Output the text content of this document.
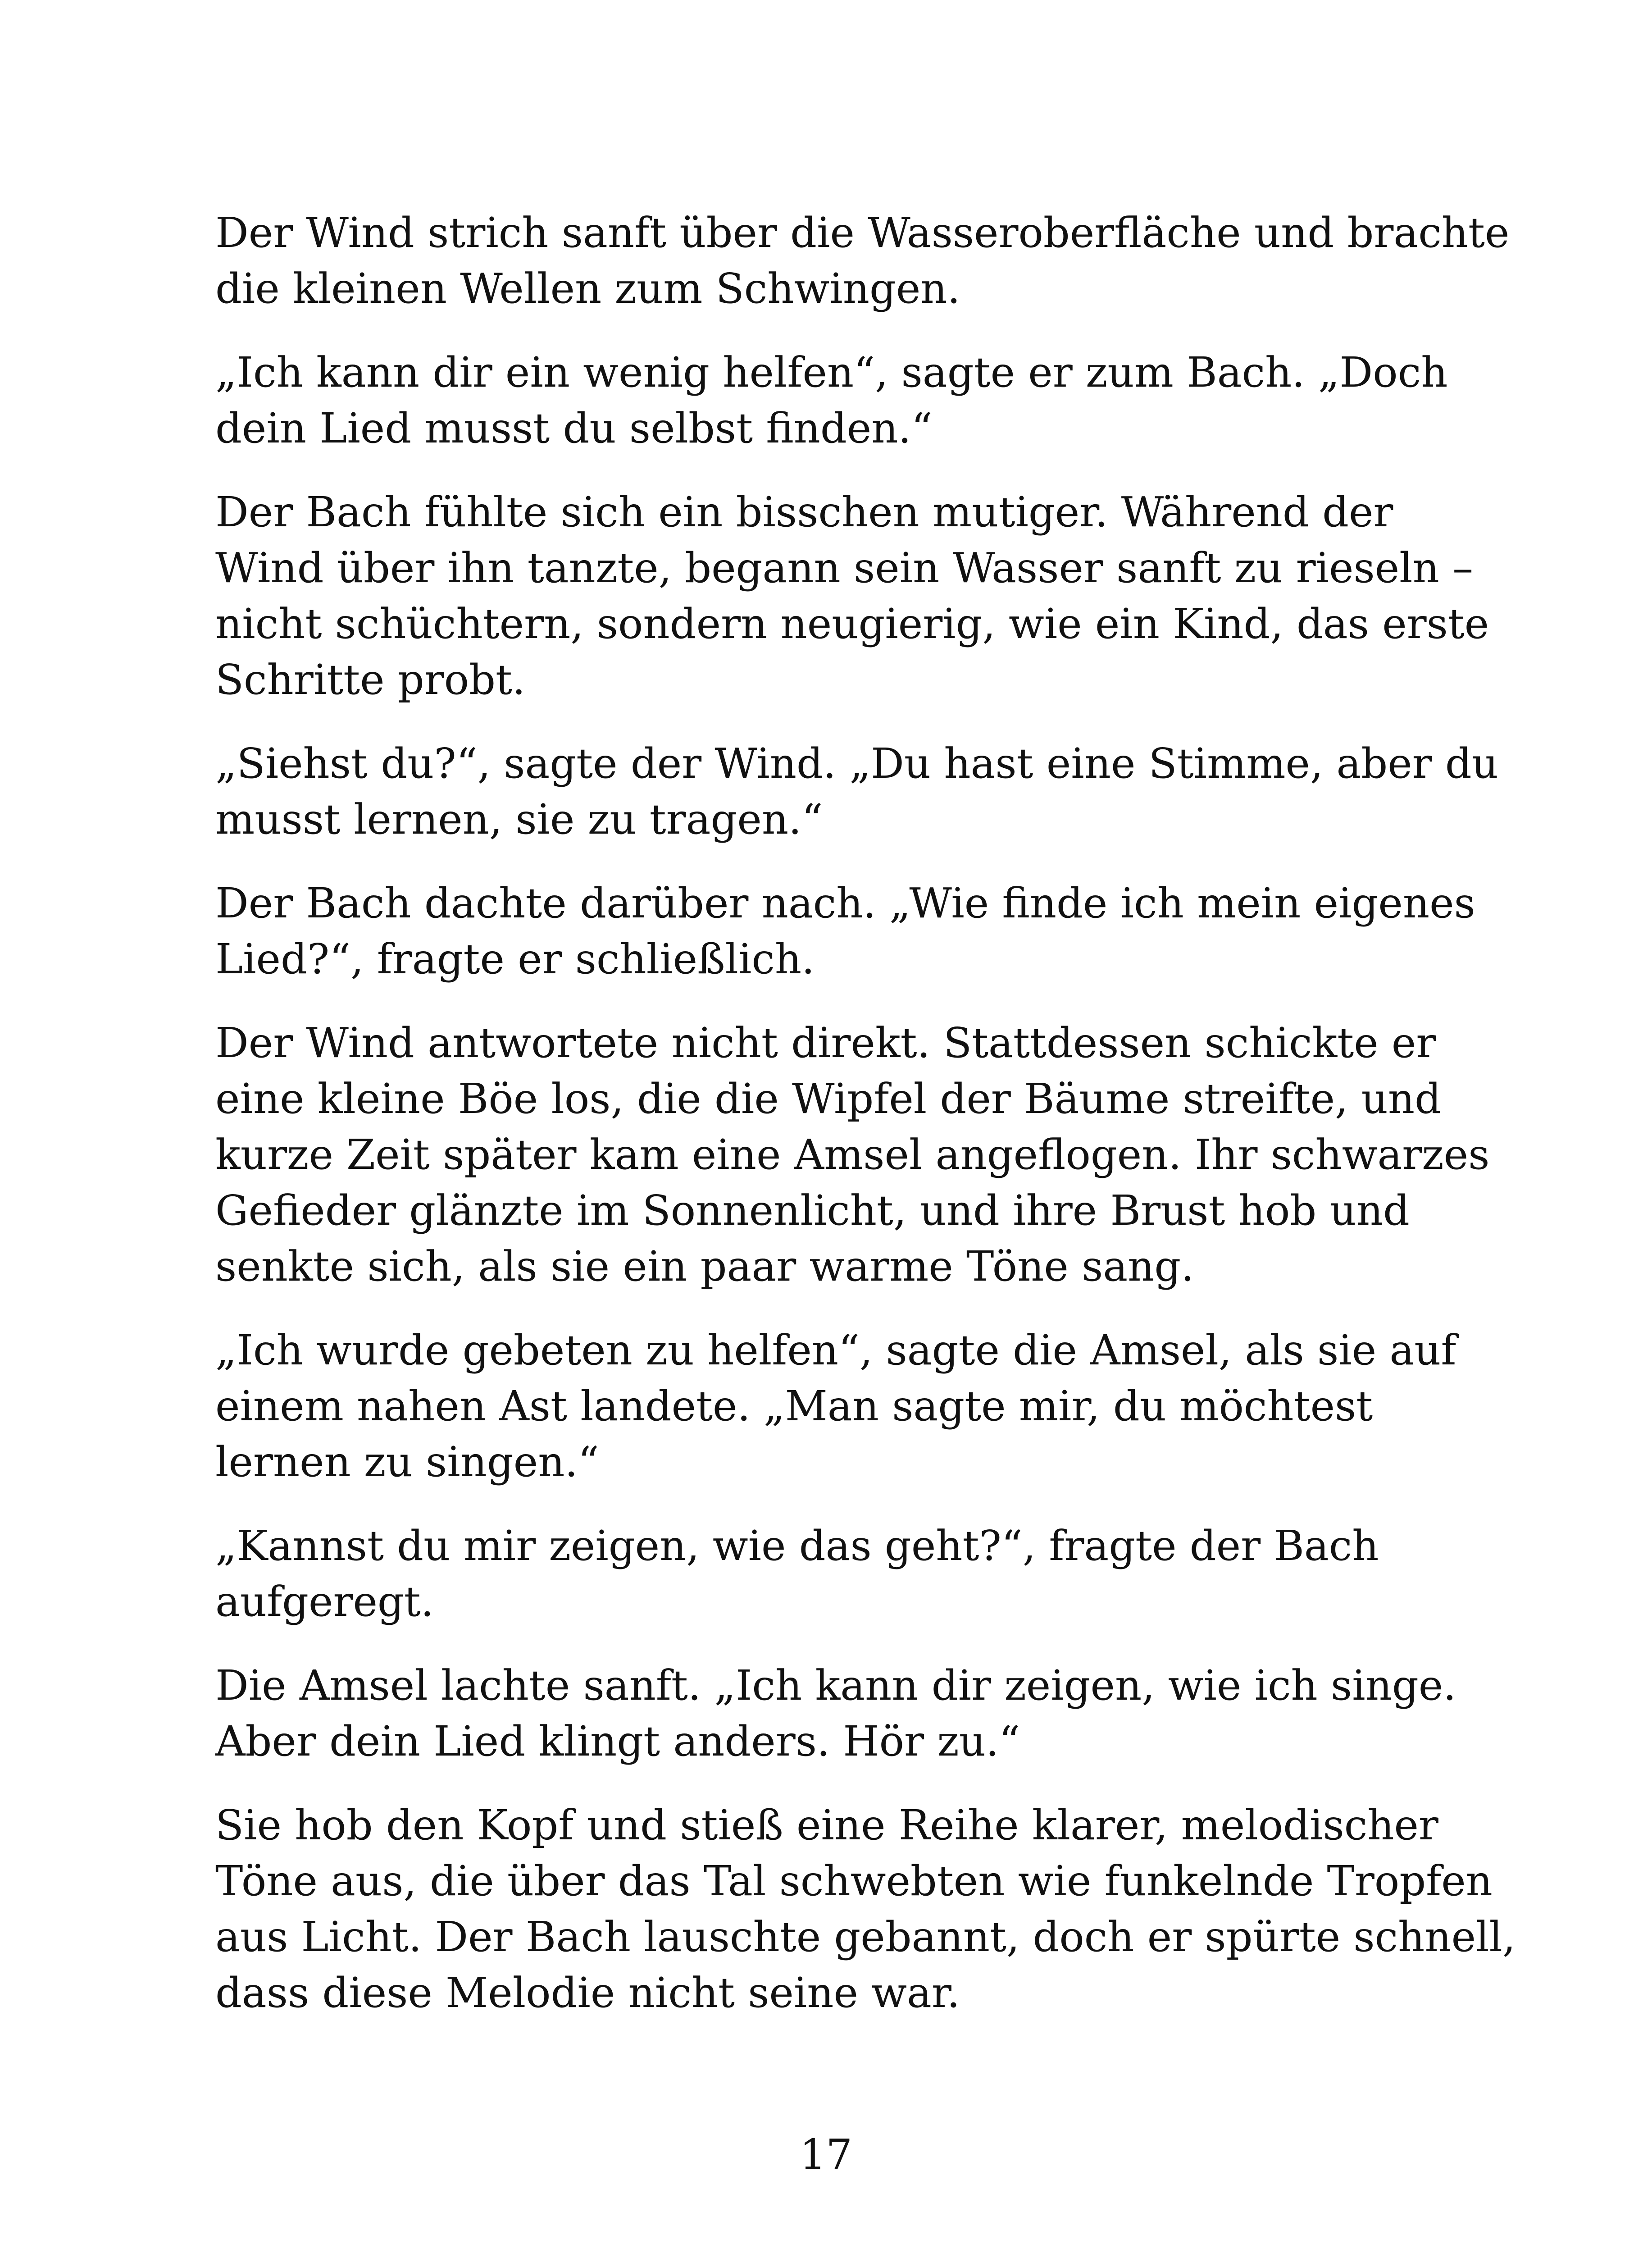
Der Wind strich sanft über die Wasseroberfläche und brachte
die kleinen Wellen zum Schwingen.

„Ich kann dir ein wenig helfen“, sagte er zum Bach. „Doch
dein Lied musst du selbst finden.“

Der Bach fühlte sich ein bisschen mutiger. Während der
Wind über ihn tanzte, begann sein Wasser sanft zu rieseln –
nicht schüchtern, sondern neugierig, wie ein Kind, das erste
Schritte probt.

„Siehst du?“, sagte der Wind. „Du hast eine Stimme, aber du
musst lernen, sie zu tragen.“

Der Bach dachte darüber nach. „Wie finde ich mein eigenes
Lied?“, fragte er schließlich.

Der Wind antwortete nicht direkt. Stattdessen schickte er
eine kleine Böe los, die die Wipfel der Bäume streifte, und
kurze Zeit später kam eine Amsel angeflogen. Ihr schwarzes
Gefieder glänzte im Sonnenlicht, und ihre Brust hob und
senkte sich, als sie ein paar warme Töne sang.

„Ich wurde gebeten zu helfen“, sagte die Amsel, als sie auf
einem nahen Ast landete. „Man sagte mir, du möchtest
lernen zu singen.“

„Kannst du mir zeigen, wie das geht?“, fragte der Bach
aufgeregt.

Die Amsel lachte sanft. „Ich kann dir zeigen, wie ich singe.
Aber dein Lied klingt anders. Hör zu.“

Sie hob den Kopf und stieß eine Reihe klarer, melodischer
Töne aus, die über das Tal schwebten wie funkelnde Tropfen
aus Licht. Der Bach lauschte gebannt, doch er spürte schnell,
dass diese Melodie nicht seine war.

17
